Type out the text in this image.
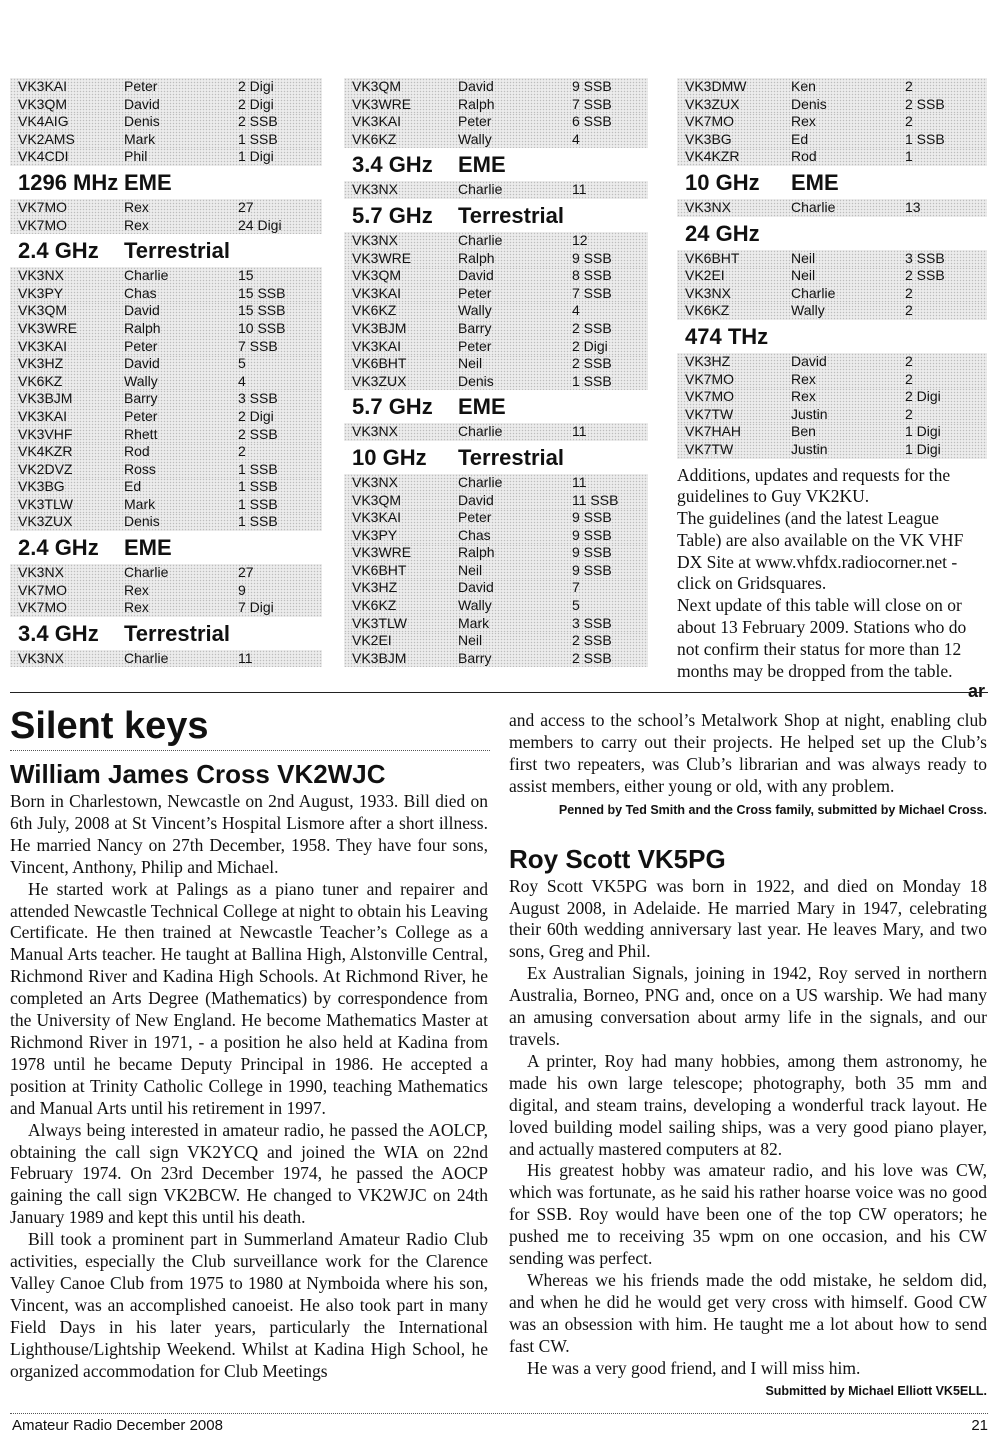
VK3KAI	Peter	2 Digi
VK3QM	David	2 Digi
VK4AIG	Denis	2 SSB
VK2AMS	Mark	1 SSB
VK4CDI	Phil	1 Digi
1296 MHz EME
VK7MO	Rex	27
VK7MO	Rex	24 Digi
2.4 GHz	Terrestrial
VK3NX	Charlie	15
VK3PY	Chas	15 SSB
VK3QM	David	15 SSB
VK3WRE	Ralph	10 SSB
VK3KAI	Peter	7 SSB
VK3HZ	David	5
VK6KZ	Wally	4
VK3BJM	Barry	3 SSB
VK3KAI	Peter	2 Digi
VK3VHF	Rhett	2 SSB
VK4KZR	Rod	2
VK2DVZ	Ross	1 SSB
VK3BG	Ed	1 SSB
VK3TLW	Mark	1 SSB
VK3ZUX	Denis	1 SSB
2.4 GHz	EME
VK3NX	Charlie	27
VK7MO	Rex	9
VK7MO	Rex	7 Digi
3.4 GHz	Terrestrial
VK3NX	Charlie	11
VK3QM	David	9 SSB
VK3WRE	Ralph	7 SSB
VK3KAI	Peter	6 SSB
VK6KZ	Wally	4
3.4 GHz	EME
VK3NX	Charlie	11
5.7 GHz	Terrestrial
VK3NX	Charlie	12
VK3WRE	Ralph	9 SSB
VK3QM	David	8 SSB
VK3KAI	Peter	7 SSB
VK6KZ	Wally	4
VK3BJM	Barry	2 SSB
VK3KAI	Peter	2 Digi
VK6BHT	Neil	2 SSB
VK3ZUX	Denis	1 SSB
5.7 GHz	EME
VK3NX	Charlie	11
10 GHz	Terrestrial
VK3NX	Charlie	11
VK3QM	David	11 SSB
VK3KAI	Peter	9 SSB
VK3PY	Chas	9 SSB
VK3WRE	Ralph	9 SSB
VK6BHT	Neil	9 SSB
VK3HZ	David	7
VK6KZ	Wally	5
VK3TLW	Mark	3 SSB
VK2EI	Neil	2 SSB
VK3BJM	Barry	2 SSB
VK3DMW	Ken	2
VK3ZUX	Denis	2 SSB
VK7MO	Rex	2
VK3BG	Ed	1 SSB
VK4KZR	Rod	1
10 GHz	EME
VK3NX	Charlie	13
24 GHz
VK6BHT	Neil	3 SSB
VK2EI	Neil	2 SSB
VK3NX	Charlie	2
VK6KZ	Wally	2
474 THz
VK3HZ	David	2
VK7MO	Rex	2
VK7MO	Rex	2 Digi
VK7TW	Justin	2
VK7HAH	Ben	1 Digi
VK7TW	Justin	1 Digi

Additions, updates and requests for the guidelines to Guy VK2KU.

The guidelines (and the latest League Table) are also available on the VK VHF DX Site at www.vhfdx.radiocorner.net - click on Gridsquares.

Next update of this table will close on or about 13 February 2009. Stations who do not confirm their status for more than 12 months may be dropped from the table.

ar
Silent keys
William James Cross VK2WJC

Born in Charlestown, Newcastle on 2nd August, 1933. Bill died on 6th July, 2008 at St Vincent’s Hospital Lismore after a short illness. He married Nancy on 27th December, 1958. They have four sons, Vincent, Anthony, Philip and Michael.

He started work at Palings as a piano tuner and repairer and attended Newcastle Technical College at night to obtain his Leaving Certificate. He then trained at Newcastle Teacher’s College as a Manual Arts teacher. He taught at Ballina High, Alstonville Central, Richmond River and Kadina High Schools. At Richmond River, he completed an Arts Degree (Mathematics) by correspondence from the University of New England. He become Mathematics Master at Richmond River in 1971, - a position he also held at Kadina from 1978 until he became Deputy Principal in 1986. He accepted a position at Trinity Catholic College in 1990, teaching Mathematics and Manual Arts until his retirement in 1997.

Always being interested in amateur radio, he passed the AOLCP, obtaining the call sign VK2YCQ and joined the WIA on 22nd February 1974. On 23rd December 1974, he passed the AOCP gaining the call sign VK2BCW. He changed to VK2WJC on 24th January 1989 and kept this until his death.

Bill took a prominent part in Summerland Amateur Radio Club activities, especially the Club surveillance work for the Clarence Valley Canoe Club from 1975 to 1980 at Nymboida where his son, Vincent, was an accomplished canoeist. He also took part in many Field Days in his later years, particularly the International Lighthouse/Lightship Weekend. Whilst at Kadina High School, he organized accommodation for Club Meetings

and access to the school’s Metalwork Shop at night, enabling club members to carry out their projects. He helped set up the Club’s first two repeaters, was Club’s librarian and was always ready to assist members, either young or old, with any problem.

Penned by Ted Smith and the Cross family, submitted by Michael Cross.
Roy Scott VK5PG

Roy Scott VK5PG was born in 1922, and died on Monday 18 August 2008, in Adelaide. He married Mary in 1947, celebrating their 60th wedding anniversary last year. He leaves Mary, and two sons, Greg and Phil.

Ex Australian Signals, joining in 1942, Roy served in northern Australia, Borneo, PNG and, once on a US warship. We had many an amusing conversation about army life in the signals, and our travels.

A printer, Roy had many hobbies, among them astronomy, he made his own large telescope; photography, both 35 mm and digital, and steam trains, developing a wonderful track layout. He loved building model sailing ships, was a very good piano player, and actually mastered computers at 82.

His greatest hobby was amateur radio, and his love was CW, which was fortunate, as he said his rather hoarse voice was no good for SSB. Roy would have been one of the top CW operators; he pushed me to receiving 35 wpm on one occasion, and his CW sending was perfect.

Whereas we his friends made the odd mistake, he seldom did, and when he did he would get very cross with himself. Good CW was an obsession with him. He taught me a lot about how to send fast CW.

He was a very good friend, and I will miss him.

Submitted by Michael Elliott VK5ELL.
Amateur Radio December 2008	21
